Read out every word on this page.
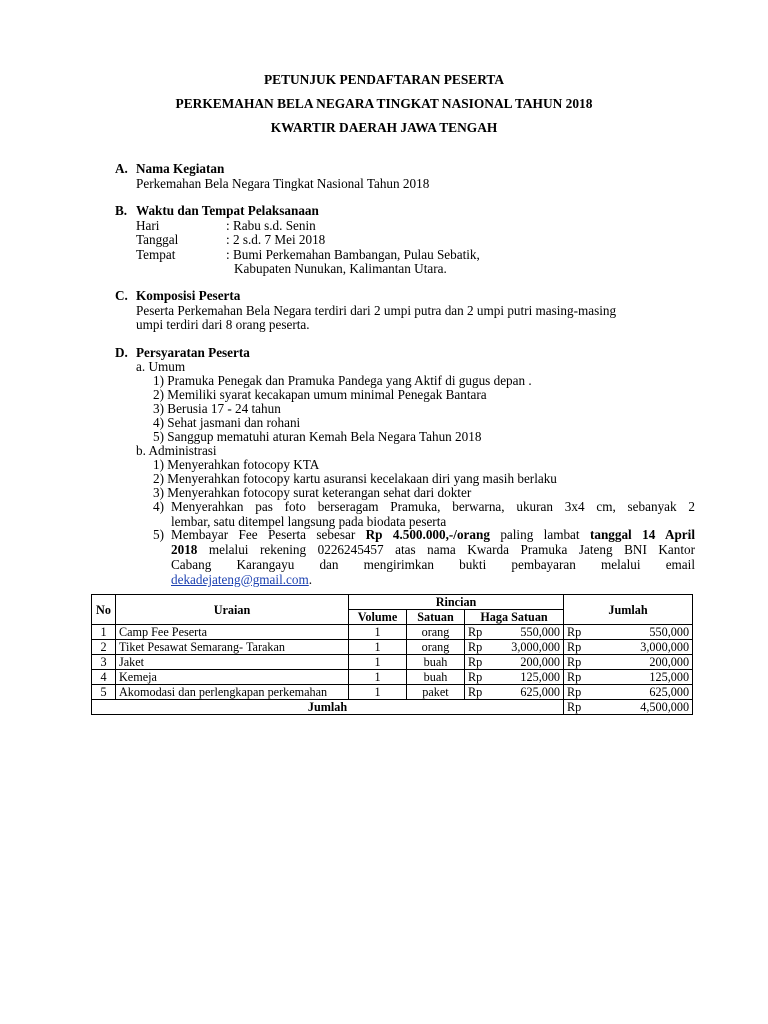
PETUNJUK PENDAFTARAN PESERTA
PERKEMAHAN BELA NEGARA TINGKAT NASIONAL TAHUN 2018
KWARTIR DAERAH JAWA TENGAH
A. Nama Kegiatan
Perkemahan Bela Negara Tingkat Nasional Tahun 2018
B. Waktu dan Tempat Pelaksanaan
Hari	: Rabu s.d. Senin
Tanggal	: 2 s.d. 7 Mei 2018
Tempat	: Bumi Perkemahan Bambangan, Pulau Sebatik,
Kabupaten Nunukan, Kalimantan Utara.
C. Komposisi Peserta
Peserta Perkemahan Bela Negara terdiri dari 2 umpi putra dan 2 umpi putri masing-masing
umpi terdiri dari 8 orang peserta.
D. Persyaratan Peserta
a. Umum
1) Pramuka Penegak dan Pramuka Pandega yang Aktif di gugus depan .
2) Memiliki syarat kecakapan umum minimal Penegak Bantara
3) Berusia 17 - 24 tahun
4) Sehat jasmani dan rohani
5) Sanggup mematuhi aturan Kemah Bela Negara Tahun 2018
b. Administrasi
1) Menyerahkan fotocopy KTA
2) Menyerahkan fotocopy kartu asuransi kecelakaan diri yang masih berlaku
3) Menyerahkan fotocopy surat keterangan sehat dari dokter
4) Menyerahkan pas foto berseragam Pramuka, berwarna, ukuran 3x4 cm, sebanyak 2
lembar, satu ditempel langsung pada biodata peserta
5) Membayar Fee Peserta sebesar Rp 4.500.000,-/orang paling lambat tanggal 14 April
2018 melalui rekening 0226245457 atas nama Kwarda Pramuka Jateng BNI Kantor
Cabang Karangayu dan mengirimkan bukti pembayaran melalui email
dekadejateng@gmail.com.
No	Uraian	Rincian				Jumlah	
		Volume	Satuan	Haga Satuan			
1	Camp Fee Peserta	1	orang	Rp	550,000	Rp	550,000
2	Tiket Pesawat Semarang- Tarakan	1	orang	Rp	3,000,000	Rp	3,000,000
3	Jaket	1	buah	Rp	200,000	Rp	200,000
4	Kemeja	1	buah	Rp	125,000	Rp	125,000
5	Akomodasi dan perlengkapan perkemahan	1	paket	Rp	625,000	Rp	625,000
Jumlah						Rp	4,500,000
